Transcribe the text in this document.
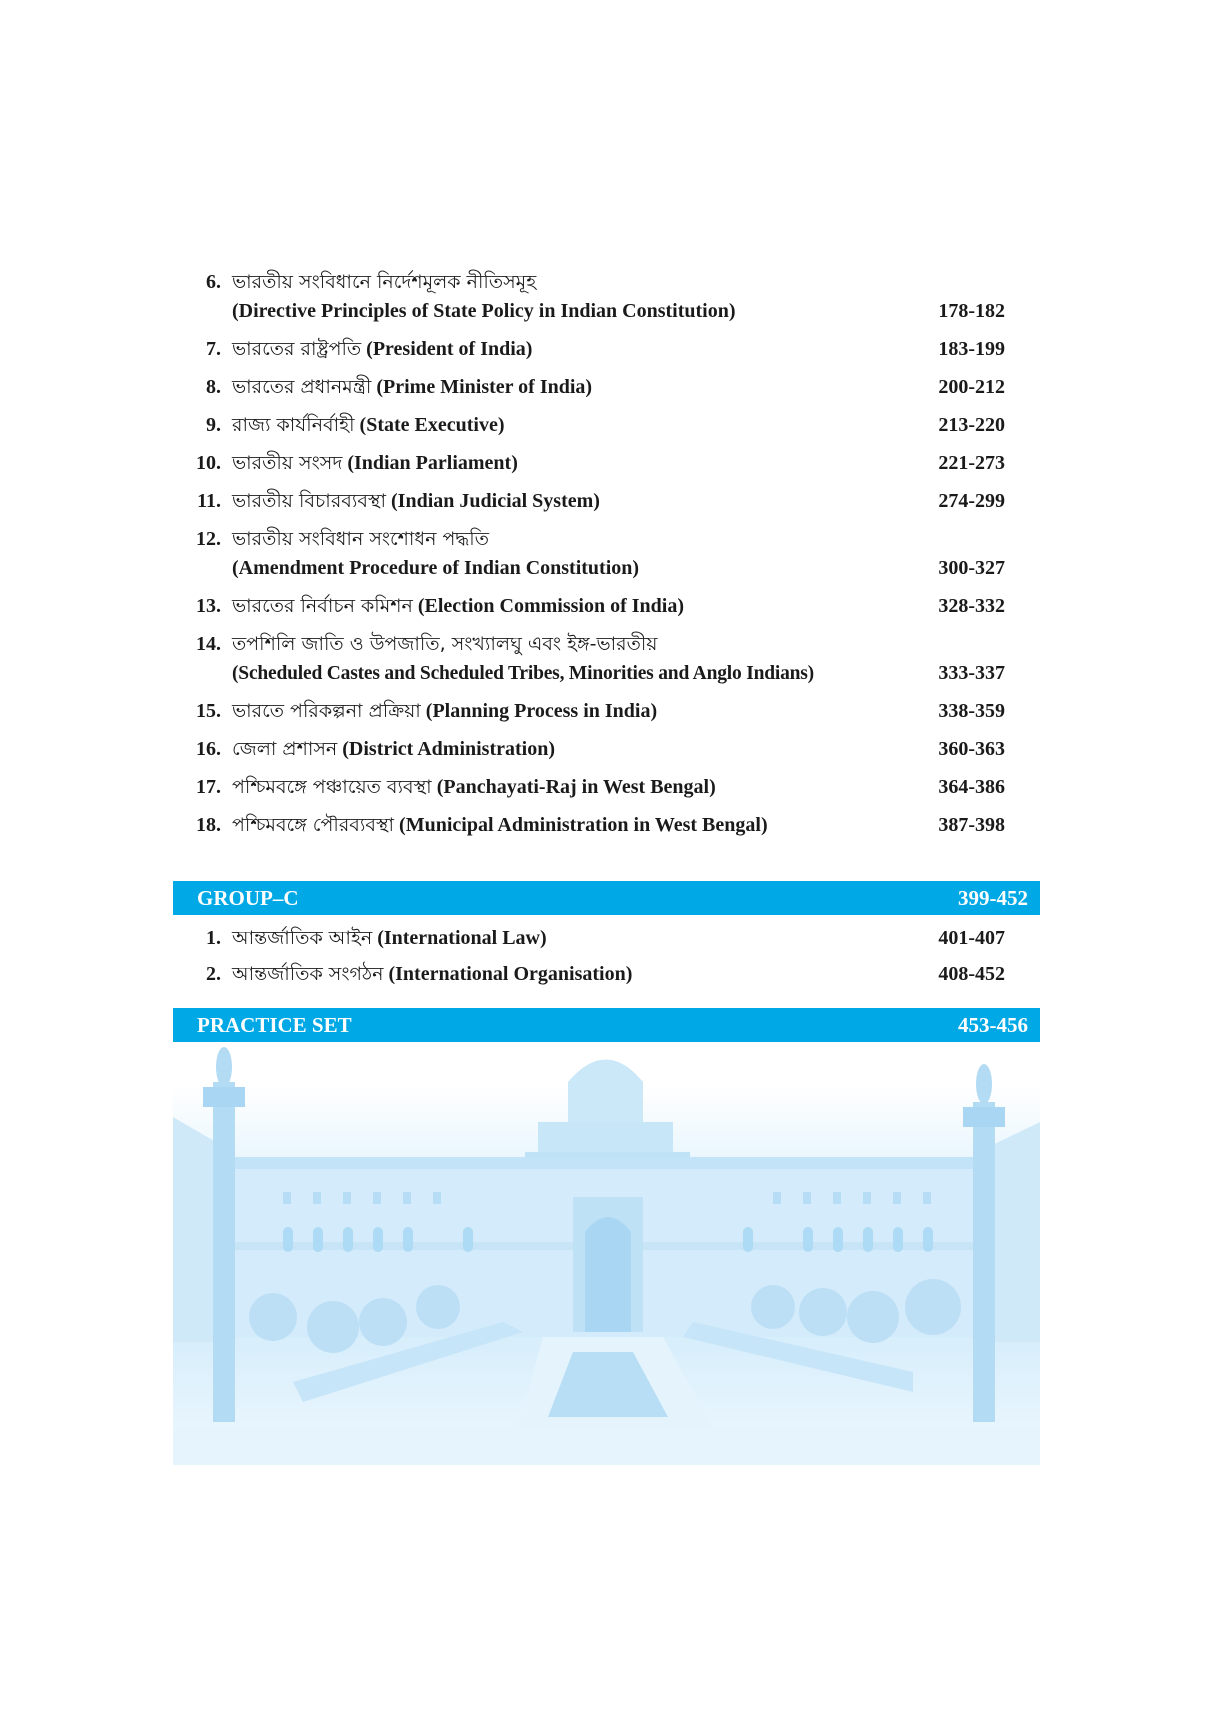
6. ভারতীয় সংবিধানে নির্দেশমূলক নীতিসমূহ
(Directive Principles of State Policy in Indian Constitution)	178-182
7. ভারতের রাষ্ট্রপতি (President of India)	183-199
8. ভারতের প্রধানমন্ত্রী (Prime Minister of India)	200-212
9. রাজ্য কার্যনির্বাহী (State Executive)	213-220
10. ভারতীয় সংসদ (Indian Parliament)	221-273
11. ভারতীয় বিচারব্যবস্থা (Indian Judicial System)	274-299
12. ভারতীয় সংবিধান সংশোধন পদ্ধতি
(Amendment Procedure of Indian Constitution)	300-327
13. ভারতের নির্বাচন কমিশন (Election Commission of India)	328-332
14. তপশিলি জাতি ও উপজাতি, সংখ্যালঘু এবং ইঙ্গ-ভারতীয়
(Scheduled Castes and Scheduled Tribes, Minorities and Anglo Indians)	333-337
15. ভারতে পরিকল্পনা প্রক্রিয়া (Planning Process in India)	338-359
16. জেলা প্রশাসন (District Administration)	360-363
17. পশ্চিমবঙ্গে পঞ্চায়েত ব্যবস্থা (Panchayati-Raj in West Bengal)	364-386
18. পশ্চিমবঙ্গে পৌরব্যবস্থা (Municipal Administration in West Bengal)	387-398
GROUP–C	399-452
1. আন্তর্জাতিক আইন (International Law)	401-407
2. আন্তর্জাতিক সংগঠন (International Organisation)	408-452
PRACTICE SET	453-456
